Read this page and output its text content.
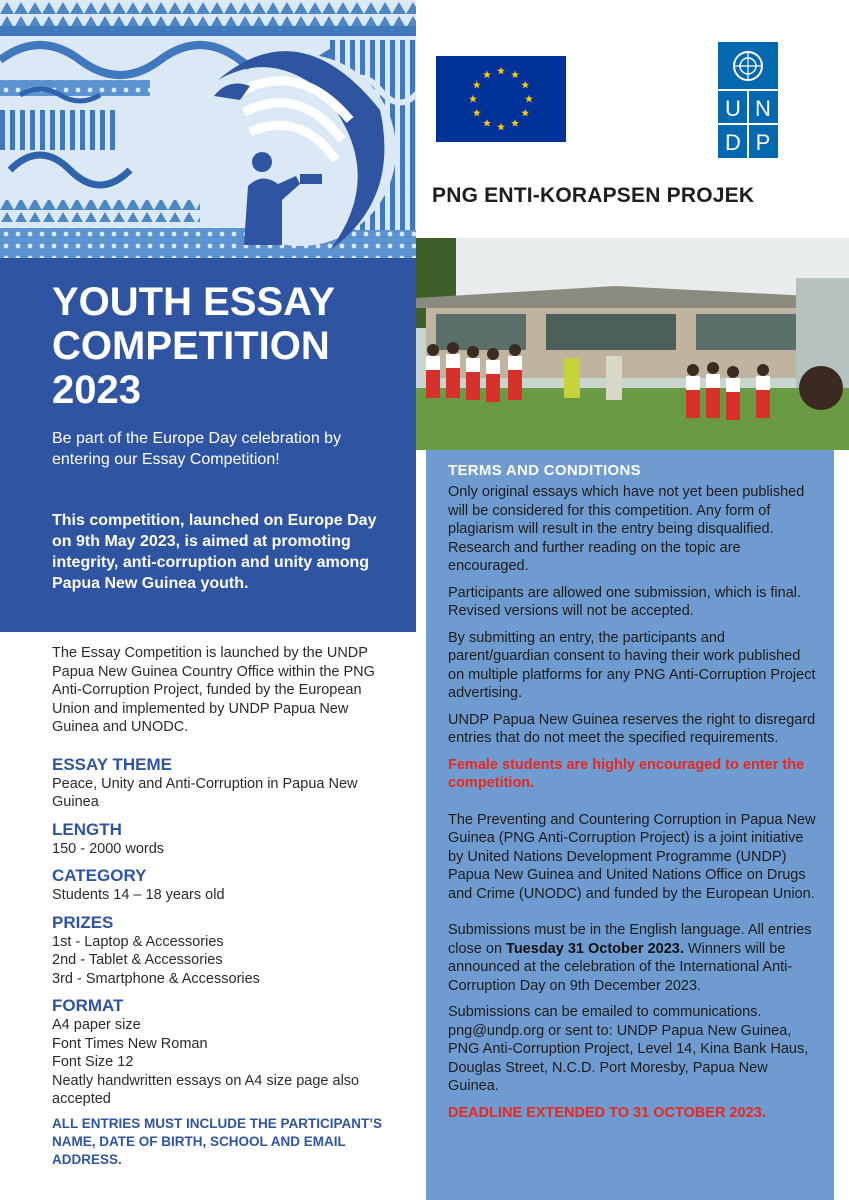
U N
D P
PNG ENTI-KORAPSEN PROJEK
YOUTH ESSAY
COMPETITION
2023

Be part of the Europe Day celebration by entering our Essay Competition!

This competition, launched on Europe Day on 9th May 2023, is aimed at promoting integrity, anti-corruption and unity among Papua New Guinea youth.

The Essay Competition is launched by the UNDP Papua New Guinea Country Office within the PNG Anti-Corruption Project, funded by the European Union and implemented by UNDP Papua New Guinea and UNODC.

ESSAY THEME

Peace, Unity and Anti-Corruption in Papua New Guinea

LENGTH

150 - 2000 words

CATEGORY

Students 14 – 18 years old

PRIZES

1st - Laptop & Accessories

2nd - Tablet & Accessories

3rd - Smartphone & Accessories

FORMAT

A4 paper size

Font Times New Roman

Font Size 12

Neatly handwritten essays on A4 size page also accepted

ALL ENTRIES MUST INCLUDE THE PARTICIPANT’S NAME, DATE OF BIRTH, SCHOOL AND EMAIL ADDRESS.

TERMS AND CONDITIONS

Only original essays which have not yet been published will be considered for this competition. Any form of plagiarism will result in the entry being disqualified. Research and further reading on the topic are encouraged.

Participants are allowed one submission, which is final. Revised versions will not be accepted.

By submitting an entry, the participants and parent/guardian consent to having their work published on multiple platforms for any PNG Anti-Corruption Project advertising.

UNDP Papua New Guinea reserves the right to disregard entries that do not meet the specified requirements.

Female students are highly encouraged to enter the competition.

The Preventing and Countering Corruption in Papua New Guinea (PNG Anti-Corruption Project) is a joint initiative by United Nations Development Programme (UNDP) Papua New Guinea and United Nations Office on Drugs and Crime (UNODC) and funded by the European Union.

Submissions must be in the English language. All entries close on Tuesday 31 October 2023. Winners will be announced at the celebration of the International Anti-Corruption Day on 9th December 2023.

Submissions can be emailed to communications. png@undp.org or sent to: UNDP Papua New Guinea, PNG Anti-Corruption Project, Level 14, Kina Bank Haus, Douglas Street, N.C.D. Port Moresby, Papua New Guinea.

DEADLINE EXTENDED TO 31 OCTOBER 2023.
